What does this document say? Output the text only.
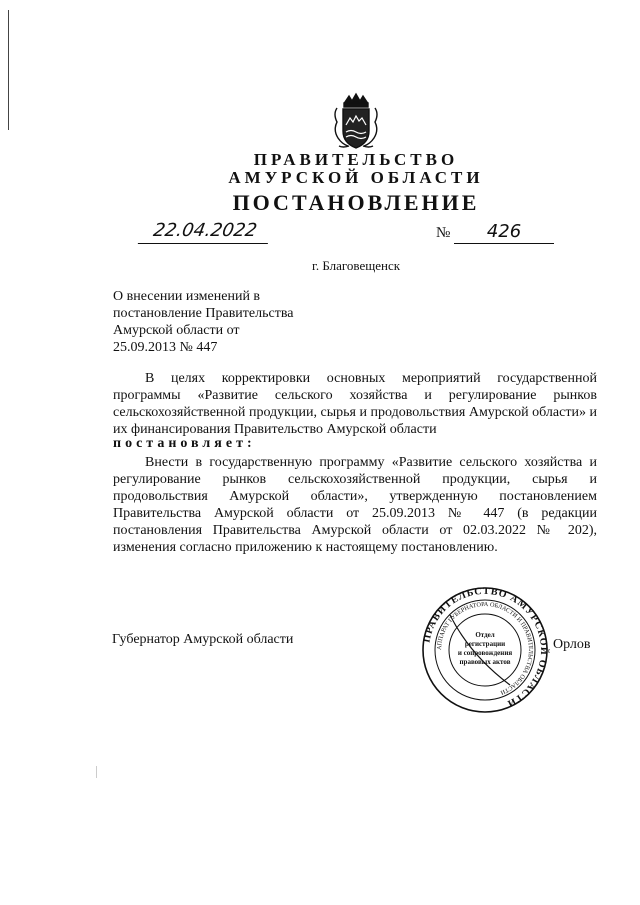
ПРАВИТЕЛЬСТВО
АМУРСКОЙ ОБЛАСТИ
ПОСТАНОВЛЕНИЕ
22.04.2022	№	426
г. Благовещенск
О внесении изменений в
постановление Правительства
Амурской области от
25.09.2013 № 447
В целях корректировки основных мероприятий государственной программы «Развитие сельского хозяйства и регулирование рынков сельскохозяйственной продукции, сырья и продовольствия Амурской области» и их финансирования Правительство Амурской области
постановляет:
Внести в государственную программу «Развитие сельского хозяйства и регулирование рынков сельскохозяйственной продукции, сырья и продовольствия Амурской области», утвержденную постановлением Правительства Амурской области от 25.09.2013 № 447 (в редакции постановления Правительства Амурской области от 02.03.2022 № 202), изменения согласно приложению к настоящему постановлению.
Губернатор Амурской области	ПРАВИТЕЛЬСТВО АМУРСКОЙ ОБЛАСТИ
АППАРАТ ГУБЕРНАТОРА ОБЛАСТИ И ПРАВИТЕЛЬСТВА ОБЛАСТИ
Отдел
регистрации
и сопровождения
правовых актов
Орлов
